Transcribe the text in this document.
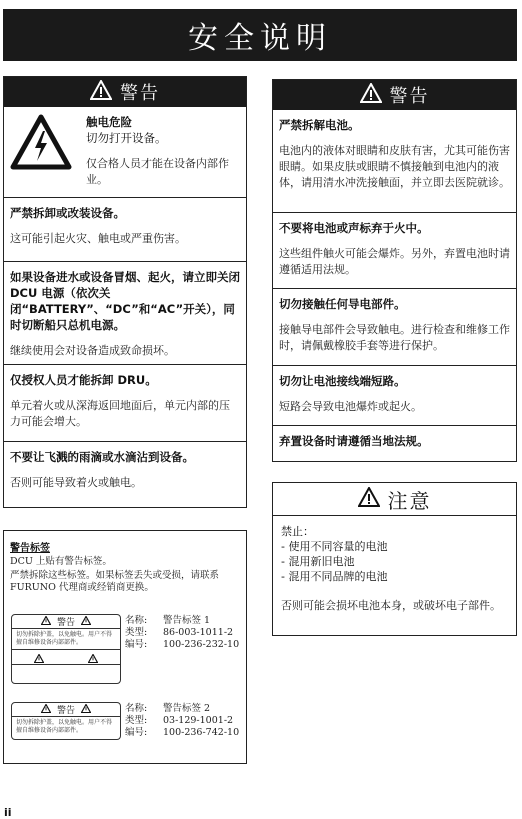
安全说明
警告
触电危险
切勿打开设备。
仅合格人员才能在设备内部作业。
严禁拆卸或改装设备。
这可能引起火灾、触电或严重伤害。
如果设备进水或设备冒烟、起火，请立即关闭 DCU 电源（依次关闭“BATTERY”、“DC”和“AC”开关），同时切断船只总机电源。
继续使用会对设备造成致命损坏。
仅授权人员才能拆卸 DRU。
单元着火或从深海返回地面后，单元内部的压力可能会增大。
不要让飞溅的雨滴或水滴沾到设备。
否则可能导致着火或触电。
警告
严禁拆解电池。
电池内的液体对眼睛和皮肤有害，尤其可能伤害眼睛。如果皮肤或眼睛不慎接触到电池内的液体，请用清水冲洗接触面，并立即去医院就诊。
不要将电池或声标弃于火中。
这些组件触火可能会爆炸。另外，弃置电池时请遵循适用法规。
切勿接触任何导电部件。
接触导电部件会导致触电。进行检查和维修工作时，请佩戴橡胶手套等进行保护。
切勿让电池接线端短路。
短路会导致电池爆炸或起火。
弃置设备时请遵循当地法规。
注意
禁止：
- 使用不同容量的电池
- 混用新旧电池
- 混用不同品牌的电池
否则可能会损坏电池本身，或破坏电子部件。
警告标签
DCU 上贴有警告标签。
严禁拆除这些标签。如果标签丢失或受损，请联系 FURUNO 代理商或经销商更换。
警告
切勿拆除护盖，以免触电。用户不得擅自维修设备内部部件。
名称:	警告标签 1
类型:	86-003-1011-2
编号:	100-236-232-10
警告
切勿拆除护盖，以免触电。用户不得擅自维修设备内部部件。
名称:	警告标签 2
类型:	03-129-1001-2
编号:	100-236-742-10
ii
